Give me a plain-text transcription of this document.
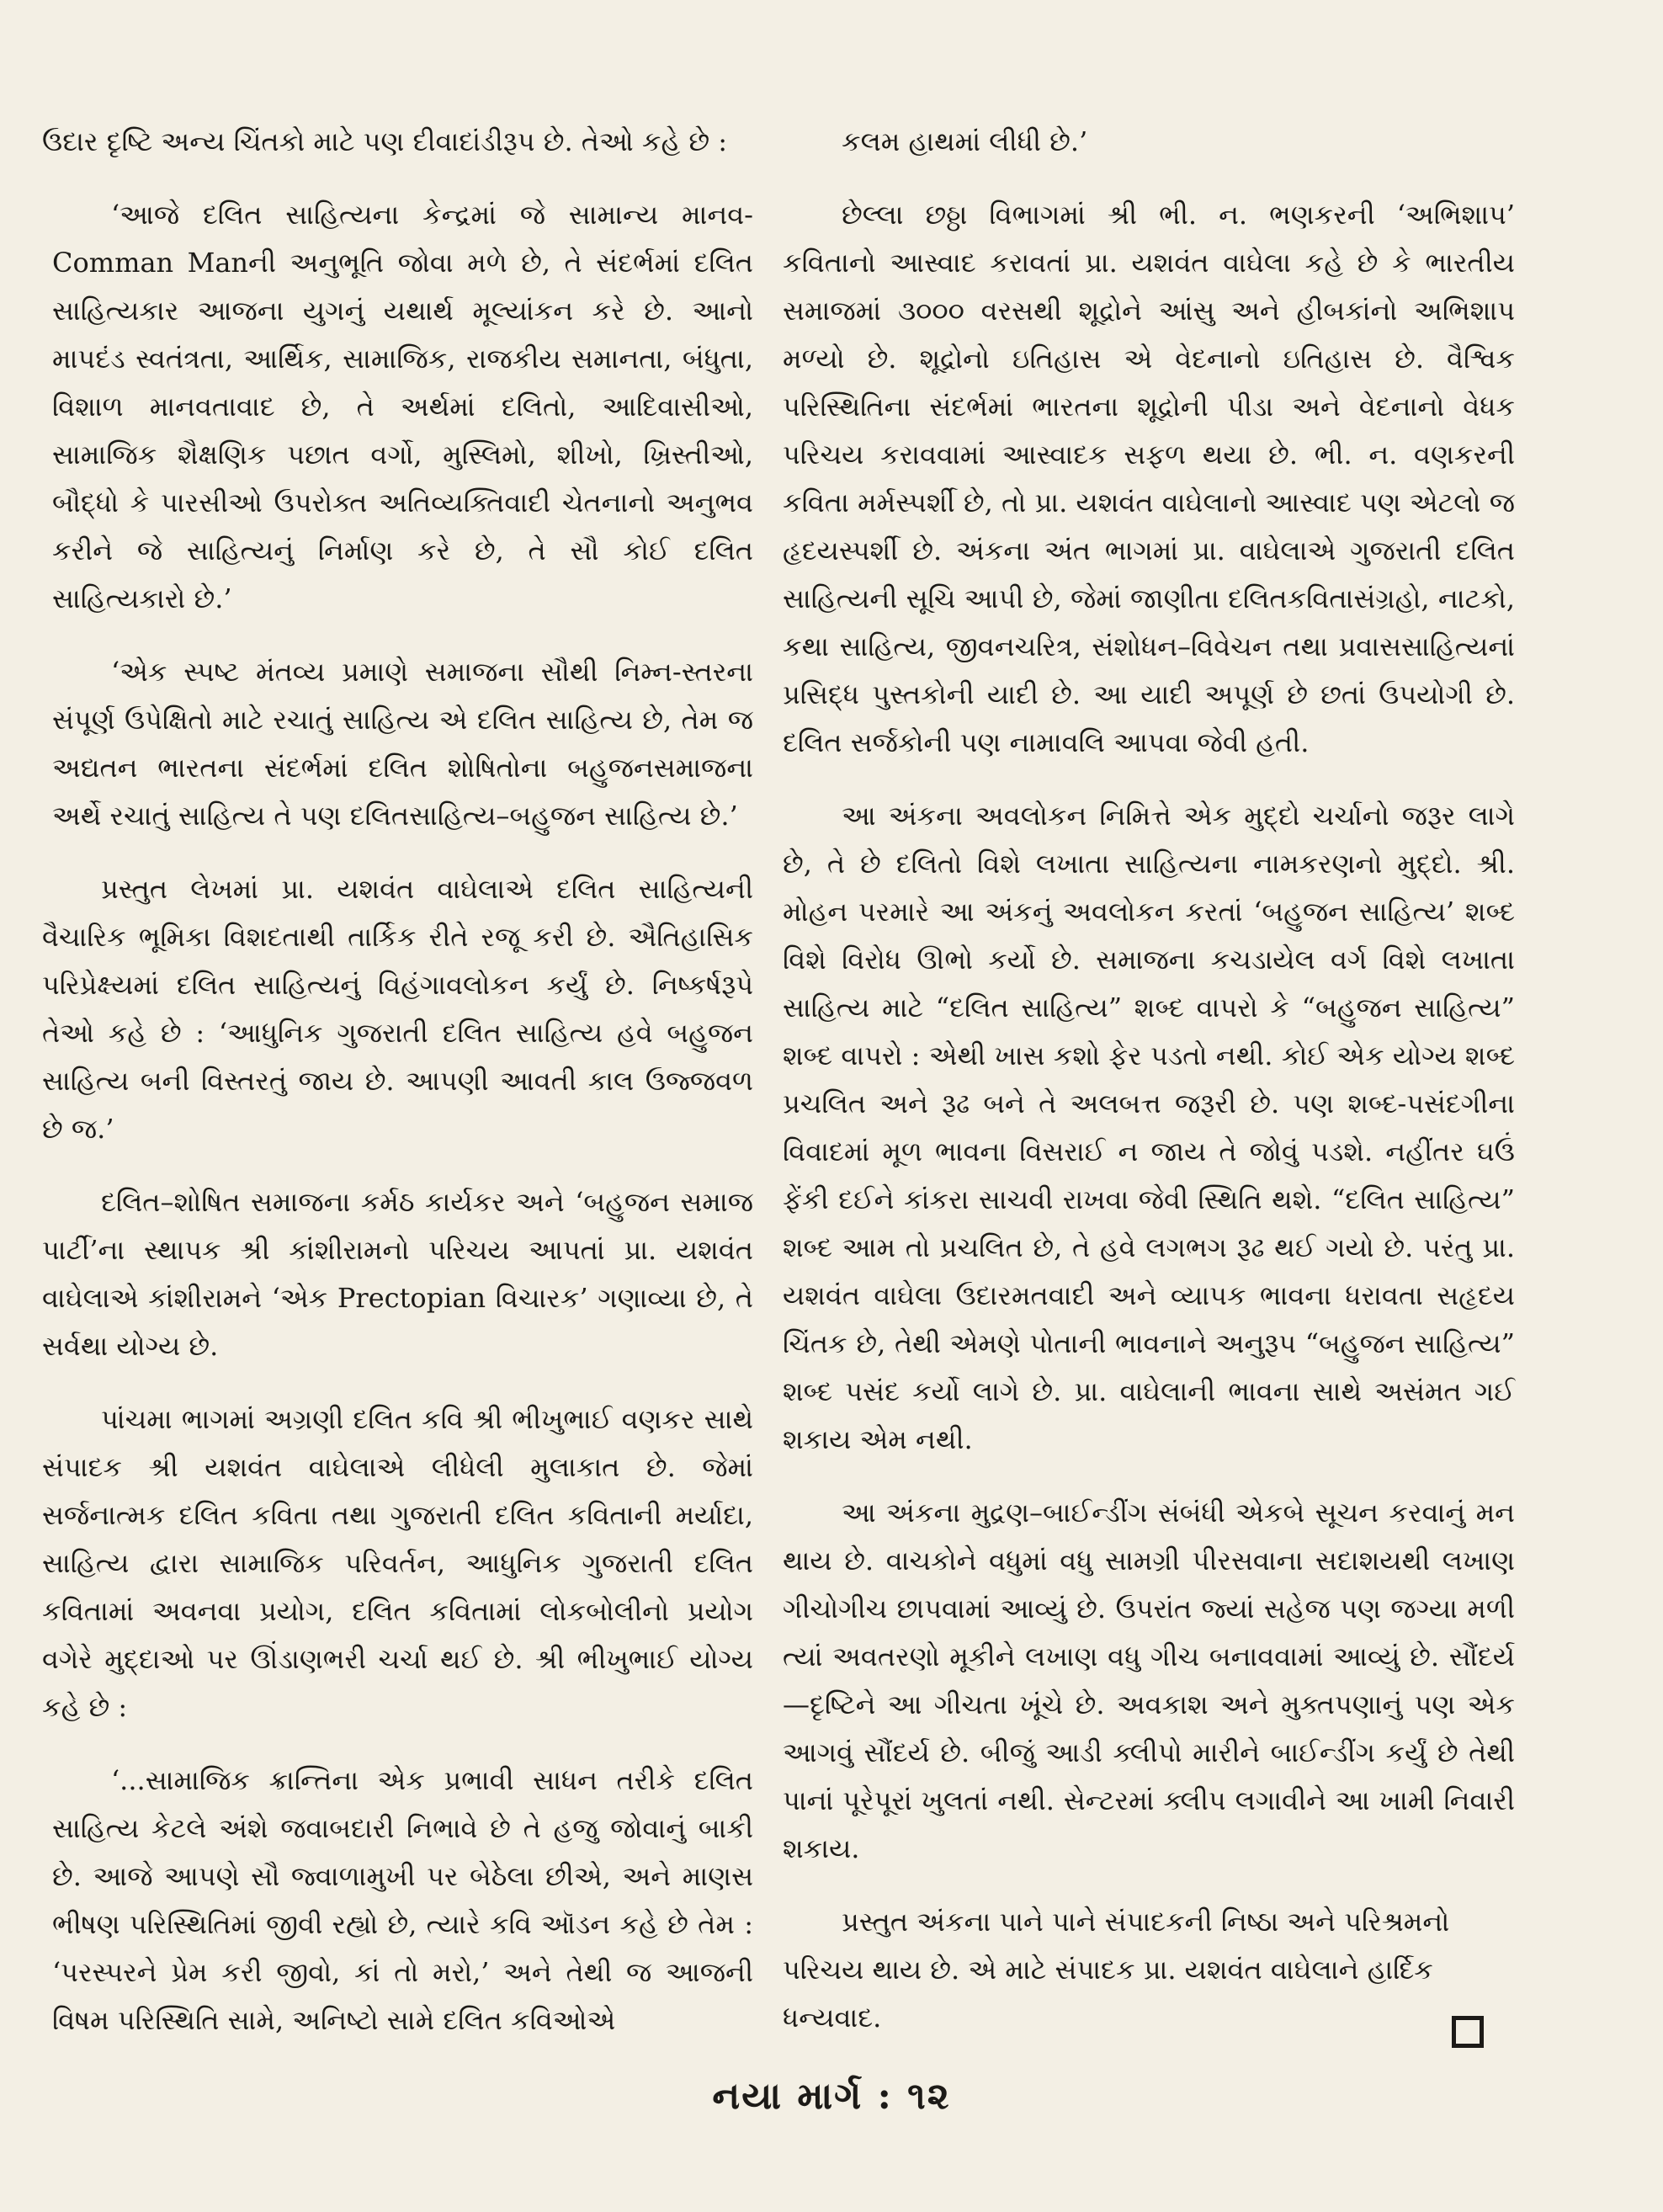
ઉદાર દૃષ્ટિ અન્ય ચિંતકો માટે પણ દીવાદાંડીરૂપ છે. તેઓ કહે છે :

‘આજે દલિત સાહિત્યના કેન્દ્રમાં જે સામાન્ય માનવ-Comman Manની અનુભૂતિ જોવા મળે છે, તે સંદર્ભમાં દલિત સાહિત્યકાર આજના યુગનું યથાર્થ મૂલ્યાંકન કરે છે. આનો માપદંડ સ્વતંત્રતા, આર્થિક, સામાજિક, રાજકીય સમાનતા, બંધુતા, વિશાળ માનવતાવાદ છે, તે અર્થમાં દલિતો, આદિવાસીઓ, સામાજિક શૈક્ષણિક પછાત વર્ગો, મુસ્લિમો, શીખો, ખ્રિસ્તીઓ, બૌદ્ધો કે પારસીઓ ઉપરોક્ત અતિવ્યક્તિવાદી ચેતનાનો અનુભવ કરીને જે સાહિત્યનું નિર્માણ કરે છે, તે સૌ કોઈ દલિત સાહિત્યકારો છે.’

‘એક સ્પષ્ટ મંતવ્ય પ્રમાણે સમાજના સૌથી નિમ્ન-સ્તરના સંપૂર્ણ ઉપેક્ષિતો માટે રચાતું સાહિત્ય એ દલિત સાહિત્ય છે, તેમ જ અદ્યતન ભારતના સંદર્ભમાં દલિત શોષિતોના બહુજનસમાજના અર્થે રચાતું સાહિત્ય તે પણ દલિતસાહિત્ય–બહુજન સાહિત્ય છે.’

પ્રસ્તુત લેખમાં પ્રા. યશવંત વાઘેલાએ દલિત સાહિત્યની વૈચારિક ભૂમિકા વિશદતાથી તાર્કિક રીતે રજૂ કરી છે. ઐતિહાસિક પરિપ્રેક્ષ્યમાં દલિત સાહિત્યનું વિહંગાવલોકન કર્યું છે. નિષ્કર્ષરૂપે તેઓ કહે છે : ‘આધુનિક ગુજરાતી દલિત સાહિત્ય હવે બહુજન સાહિત્ય બની વિસ્તરતું જાય છે. આપણી આવતી કાલ ઉજ્જવળ છે જ.’

દલિત–શોષિત સમાજના કર્મઠ કાર્યકર અને ‘બહુજન સમાજ પાર્ટી’ના સ્થાપક શ્રી કાંશીરામનો પરિચય આપતાં પ્રા. યશવંત વાઘેલાએ કાંશીરામને ‘એક Prectopian વિચારક’ ગણાવ્યા છે, તે સર્વથા યોગ્ય છે.

પાંચમા ભાગમાં અગ્રણી દલિત કવિ શ્રી ભીખુભાઈ વણકર સાથે સંપાદક શ્રી યશવંત વાઘેલાએ લીધેલી મુલાકાત છે. જેમાં સર્જનાત્મક દલિત કવિતા તથા ગુજરાતી દલિત કવિતાની મર્યાદા, સાહિત્ય દ્વારા સામાજિક પરિવર્તન, આધુનિક ગુજરાતી દલિત કવિતામાં અવનવા પ્રયોગ, દલિત કવિતામાં લોકબોલીનો પ્રયોગ વગેરે મુદ્દાઓ પર ઊંડાણભરી ચર્ચા થઈ છે. શ્રી ભીખુભાઈ યોગ્ય કહે છે :

‘...સામાજિક ક્રાન્તિના એક પ્રભાવી સાધન તરીકે દલિત સાહિત્ય કેટલે અંશે જવાબદારી નિભાવે છે તે હજુ જોવાનું બાકી છે. આજે આપણે સૌ જ્વાળામુખી પર બેઠેલા છીએ, અને માણસ ભીષણ પરિસ્થિતિમાં જીવી રહ્યો છે, ત્યારે કવિ ઑડન કહે છે તેમ : ‘પરસ્પરને પ્રેમ કરી જીવો, કાં તો મરો,’ અને તેથી જ આજની વિષમ પરિસ્થિતિ સામે, અનિષ્ટો સામે દલિત કવિઓએ

કલમ હાથમાં લીધી છે.’

છેલ્લા છઠ્ઠા વિભાગમાં શ્રી ભી. ન. ભણકરની ‘અભિશાપ’ કવિતાનો આસ્વાદ કરાવતાં પ્રા. યશવંત વાઘેલા કહે છે કે ભારતીય સમાજમાં ૩૦૦૦ વરસથી શૂદ્રોને આંસુ અને હીબકાંનો અભિશાપ મળ્યો છે. શૂદ્રોનો ઇતિહાસ એ વેદનાનો ઇતિહાસ છે. વૈશ્વિક પરિસ્થિતિના સંદર્ભમાં ભારતના શૂદ્રોની પીડા અને વેદનાનો વેધક પરિચય કરાવવામાં આસ્વાદક સફળ થયા છે. ભી. ન. વણકરની કવિતા મર્મસ્પર્શી છે, તો પ્રા. યશવંત વાઘેલાનો આસ્વાદ પણ એટલો જ હૃદયસ્પર્શી છે. અંકના અંત ભાગમાં પ્રા. વાઘેલાએ ગુજરાતી દલિત સાહિત્યની સૂચિ આપી છે, જેમાં જાણીતા દલિતકવિતાસંગ્રહો, નાટકો, કથા સાહિત્ય, જીવનચરિત્ર, સંશોધન–વિવેચન તથા પ્રવાસસાહિત્યનાં પ્રસિદ્ધ પુસ્તકોની યાદી છે. આ યાદી અપૂર્ણ છે છતાં ઉપયોગી છે. દલિત સર્જકોની પણ નામાવલિ આપવા જેવી હતી.

આ અંકના અવલોકન નિમિત્તે એક મુદ્દો ચર્ચાનો જરૂર લાગે છે, તે છે દલિતો વિશે લખાતા સાહિત્યના નામકરણનો મુદ્દો. શ્રી. મોહન પરમારે આ અંકનું અવલોકન કરતાં ‘બહુજન સાહિત્ય’ શબ્દ વિશે વિરોધ ઊભો કર્યો છે. સમાજના કચડાયેલ વર્ગ વિશે લખાતા સાહિત્ય માટે “દલિત સાહિત્ય” શબ્દ વાપરો કે “બહુજન સાહિત્ય” શબ્દ વાપરો : એથી ખાસ કશો ફેર પડતો નથી. કોઈ એક યોગ્ય શબ્દ પ્રચલિત અને રૂઢ બને તે અલબત્ત જરૂરી છે. પણ શબ્દ-પસંદગીના વિવાદમાં મૂળ ભાવના વિસરાઈ ન જાય તે જોવું પડશે. નહીંતર ઘઉં ફેંકી દઈને કાંકરા સાચવી રાખવા જેવી સ્થિતિ થશે. “દલિત સાહિત્ય” શબ્દ આમ તો પ્રચલિત છે, તે હવે લગભગ રૂઢ થઈ ગયો છે. પરંતુ પ્રા. યશવંત વાઘેલા ઉદારમતવાદી અને વ્યાપક ભાવના ધરાવતા સહૃદય ચિંતક છે, તેથી એમણે પોતાની ભાવનાને અનુરૂપ “બહુજન સાહિત્ય” શબ્દ પસંદ કર્યો લાગે છે. પ્રા. વાઘેલાની ભાવના સાથે અસંમત ગઈ શકાય એમ નથી.

આ અંકના મુદ્રણ–બાઈન્ડીંગ સંબંધી એકબે સૂચન કરવાનું મન થાય છે. વાચકોને વધુમાં વધુ સામગ્રી પીરસવાના સદાશયથી લખાણ ગીચોગીચ છાપવામાં આવ્યું છે. ઉપરાંત જ્યાં સહેજ પણ જગ્યા મળી ત્યાં અવતરણો મૂકીને લખાણ વધુ ગીચ બનાવવામાં આવ્યું છે. સૌંદર્ય—દૃષ્ટિને આ ગીચતા ખૂંચે છે. અવકાશ અને મુક્તપણાનું પણ એક આગવું સૌંદર્ય છે. બીજું આડી ક્લીપો મારીને બાઈન્ડીંગ કર્યું છે તેથી પાનાં પૂરેપૂરાં ખુલતાં નથી. સેન્ટરમાં ક્લીપ લગાવીને આ ખામી નિવારી શકાય.

પ્રસ્તુત અંકના પાને પાને સંપાદકની નિષ્ઠા અને પરિશ્રમનો પરિચય થાય છે. એ માટે સંપાદક પ્રા. યશવંત વાઘેલાને હાર્દિક ધન્યવાદ.

નયા માર્ગ : ૧૨
